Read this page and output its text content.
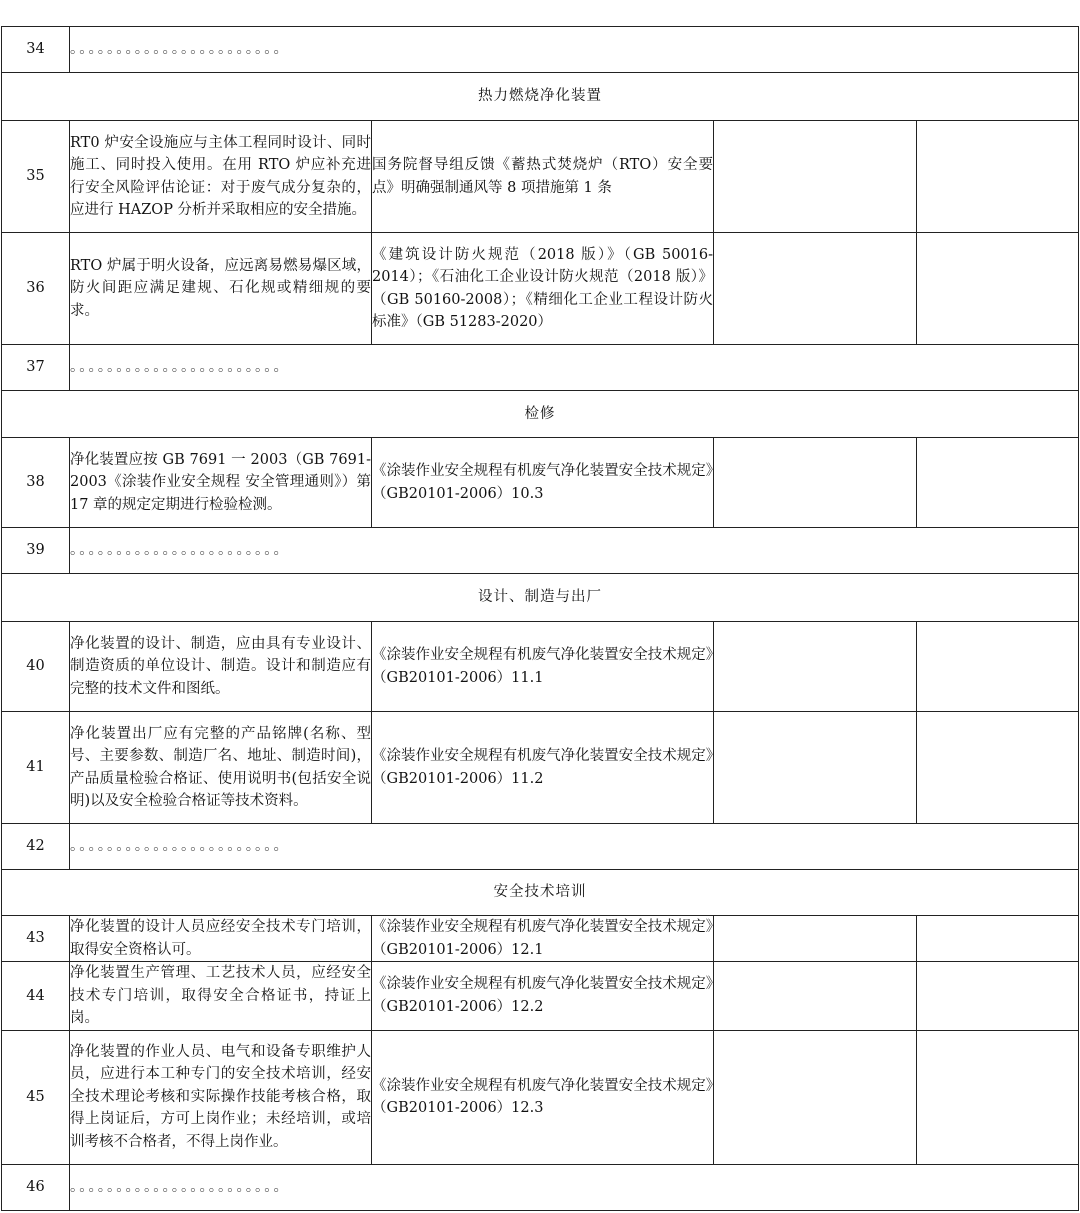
34	。。。。。。。。。。。。。。。。。。。。。。。			
热力燃烧净化装置				
35	RT0 炉安全设施应与主体工程同时设计、同时施工、同时投入使用。在用 RTO 炉应补充进行安全风险评估论证：对于废气成分复杂的，应进行 HAZOP 分析并采取相应的安全措施。	国务院督导组反馈《蓄热式焚烧炉（RTO）安全要点》明确强制通风等 8 项措施第 1 条		
36	RTO 炉属于明火设备，应远离易燃易爆区域，防火间距应满足建规、石化规或精细规的要求。	《建筑设计防火规范（2018 版）》（GB 50016-2014）；《石油化工企业设计防火规范（2018 版）》（GB 50160-2008）；《精细化工企业工程设计防火标准》（GB 51283-2020）		
37	。。。。。。。。。。。。。。。。。。。。。。。			
检修				
38	净化装置应按 GB 7691 一 2003（GB 7691-2003《涂装作业安全规程 安全管理通则》）第 17 章的规定定期进行检验检测。	《涂装作业安全规程有机废气净化装置安全技术规定》（GB20101-2006）10.3		
39	。。。。。。。。。。。。。。。。。。。。。。。			
设计、制造与出厂				
40	净化装置的设计、制造，应由具有专业设计、制造资质的单位设计、制造。设计和制造应有完整的技术文件和图纸。	《涂装作业安全规程有机废气净化装置安全技术规定》（GB20101-2006）11.1		
41	净化装置出厂应有完整的产品铭牌(名称、型号、主要参数、制造厂名、地址、制造时间)，产品质量检验合格证、使用说明书(包括安全说明)以及安全检验合格证等技术资料。	《涂装作业安全规程有机废气净化装置安全技术规定》（GB20101-2006）11.2		
42	。。。。。。。。。。。。。。。。。。。。。。。			
安全技术培训				
43	净化装置的设计人员应经安全技术专门培训，取得安全资格认可。	《涂装作业安全规程有机废气净化装置安全技术规定》（GB20101-2006）12.1		
44	净化装置生产管理、工艺技术人员，应经安全技术专门培训，取得安全合格证书，持证上岗。	《涂装作业安全规程有机废气净化装置安全技术规定》（GB20101-2006）12.2		
45	净化装置的作业人员、电气和设备专职维护人员，应进行本工种专门的安全技术培训，经安全技术理论考核和实际操作技能考核合格，取得上岗证后，方可上岗作业；未经培训，或培训考核不合格者，不得上岗作业。	《涂装作业安全规程有机废气净化装置安全技术规定》（GB20101-2006）12.3		
46	。。。。。。。。。。。。。。。。。。。。。。。			
